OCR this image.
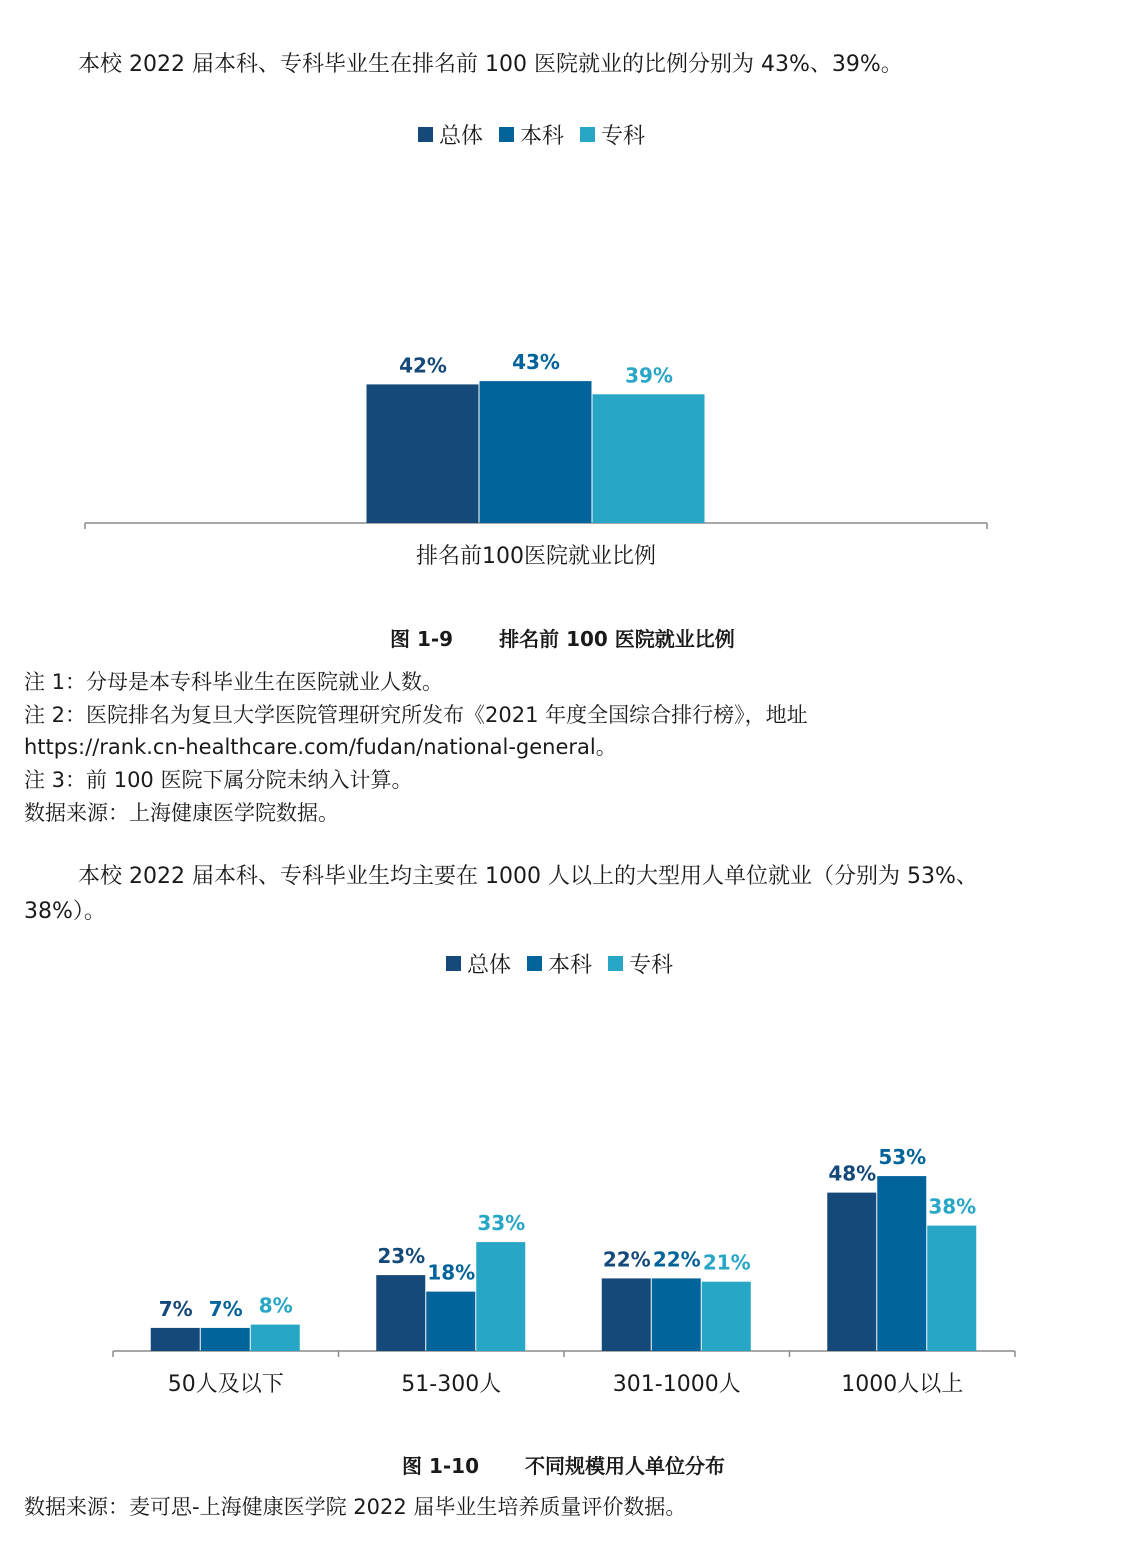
本校 2022 届本科、专科毕业生在排名前 100 医院就业的比例分别为 43%、39%。
总体 本科 专科
42%	43%
39%
排名前100医院就业比例
图 1-9 排名前 100 医院就业比例
注 1：分母是本专科毕业生在医院就业人数。
注 2：医院排名为复旦大学医院管理研究所发布《2021 年度全国综合排行榜》，地址
https://rank.cn-healthcare.com/fudan/national-general。
注 3：前 100 医院下属分院未纳入计算。
数据来源：上海健康医学院数据。
本校 2022 届本科、专科毕业生均主要在 1000 人以上的大型用人单位就业（分别为 53%、
38%）。
总体 本科 专科
7% 7% 8%
50人及以下
23%
18%
33%
51-300人
22% 22% 21%
301-1000人
48%
53%
38%
1000人以上
图 1-10 不同规模用人单位分布
数据来源：麦可思-上海健康医学院 2022 届毕业生培养质量评价数据。
